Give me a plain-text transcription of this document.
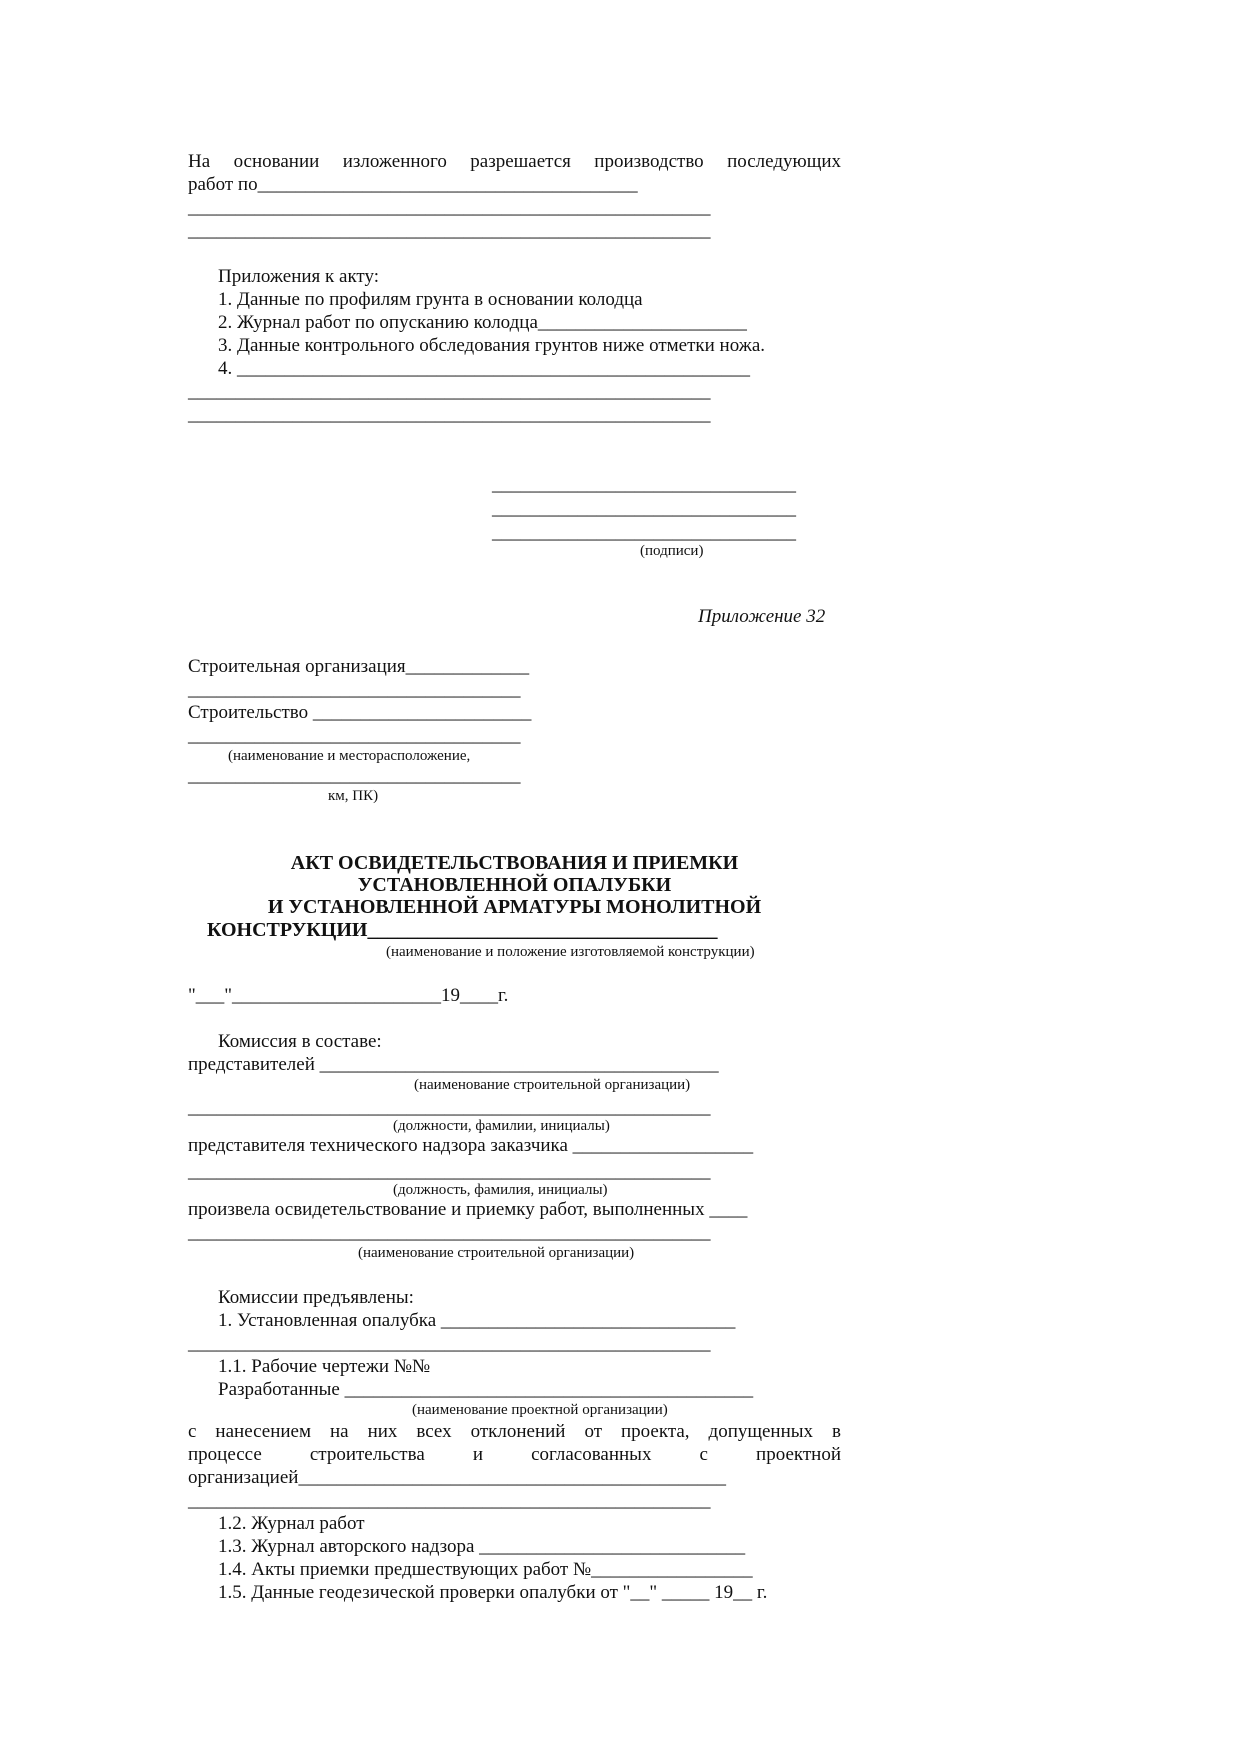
На основании изложенного разрешается производство последующих
работ по________________________________________
_______________________________________________________
_______________________________________________________
Приложения к акту:
1. Данные по профилям грунта в основании колодца
2. Журнал работ по опусканию колодца______________________
3. Данные контрольного обследования грунтов ниже отметки ножа.
4. ______________________________________________________
_______________________________________________________
_______________________________________________________
________________________________
________________________________
________________________________
(подписи)
Приложение 32
Строительная организация_____________
___________________________________
Строительство _______________________
___________________________________
(наименование и месторасположение,
___________________________________
км, ПК)
АКТ ОСВИДЕТЕЛЬСТВОВАНИЯ И ПРИЕМКИ
УСТАНОВЛЕННОЙ ОПАЛУБКИ
И УСТАНОВЛЕННОЙ АРМАТУРЫ МОНОЛИТНОЙ
КОНСТРУКЦИИ___________________________________
(наименование и положение изготовляемой конструкции)
"___"______________________19____г.
Комиссия в составе:
представителей __________________________________________
(наименование строительной организации)
_______________________________________________________
(должности, фамилии, инициалы)
представителя технического надзора заказчика ___________________
_______________________________________________________
(должность, фамилия, инициалы)
произвела освидетельствование и приемку работ, выполненных ____
_______________________________________________________
(наименование строительной организации)
Комиссии предъявлены:
1. Установленная опалубка _______________________________
_______________________________________________________
1.1. Рабочие чертежи №№
Разработанные ___________________________________________
(наименование проектной организации)
с нанесением на них всех отклонений от проекта, допущенных в
процессе строительства и согласованных с проектной
организацией_____________________________________________
_______________________________________________________
1.2. Журнал работ
1.3. Журнал авторского надзора ____________________________
1.4. Акты приемки предшествующих работ №_________________
1.5. Данные геодезической проверки опалубки от "__" _____ 19__ г.
